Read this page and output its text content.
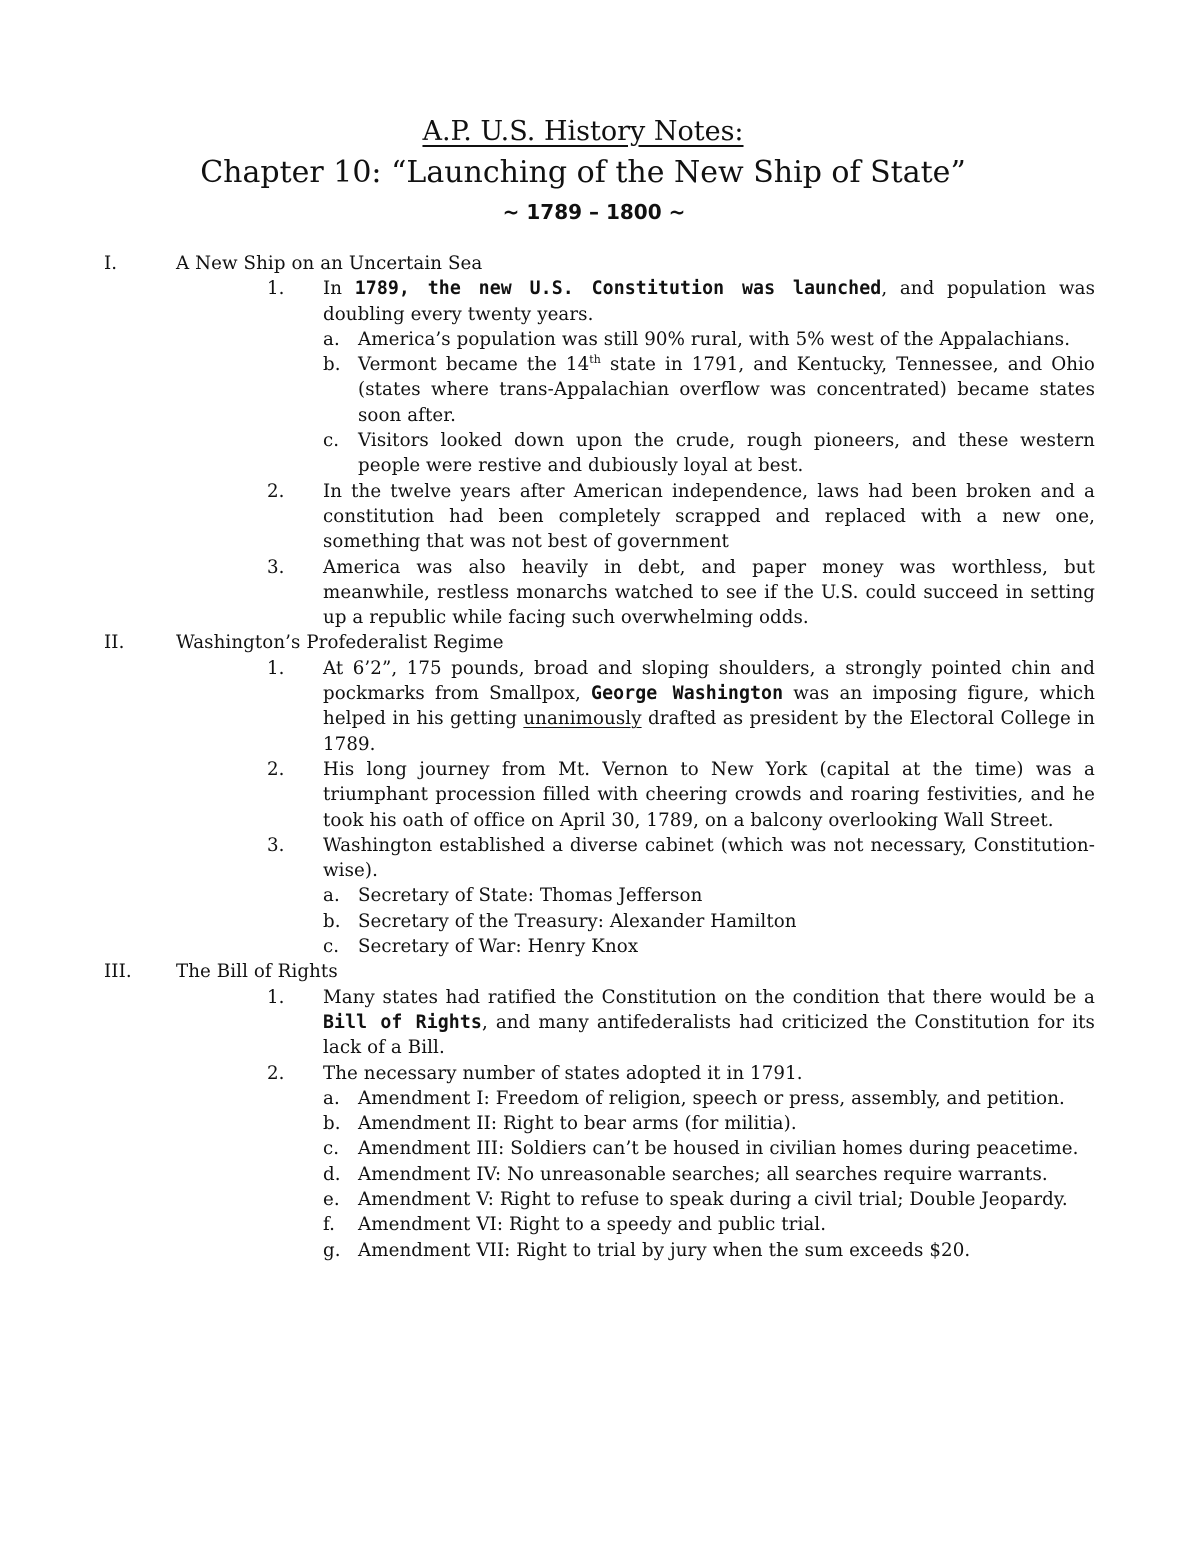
A.P. U.S. History Notes:
Chapter 10: “Launching of the New Ship of State”
~ 1789 – 1800 ~
I.	A New Ship on an Uncertain Sea
1. In 1789, the new U.S. Constitution was launched, and population was doubling every twenty years.
a. America’s population was still 90% rural, with 5% west of the Appalachians.
b. Vermont became the 14th state in 1791, and Kentucky, Tennessee, and Ohio (states where trans-Appalachian overflow was concentrated) became states soon after.
c. Visitors looked down upon the crude, rough pioneers, and these western people were restive and dubiously loyal at best.
2. In the twelve years after American independence, laws had been broken and a constitution had been completely scrapped and replaced with a new one, something that was not best of government
3. America was also heavily in debt, and paper money was worthless, but meanwhile, restless monarchs watched to see if the U.S. could succeed in setting up a republic while facing such overwhelming odds.
II.	Washington’s Profederalist Regime
1. At 6’2”, 175 pounds, broad and sloping shoulders, a strongly pointed chin and pockmarks from Smallpox, George Washington was an imposing figure, which helped in his getting unanimously drafted as president by the Electoral College in 1789.
2. His long journey from Mt. Vernon to New York (capital at the time) was a triumphant procession filled with cheering crowds and roaring festivities, and he took his oath of office on April 30, 1789, on a balcony overlooking Wall Street.
3. Washington established a diverse cabinet (which was not necessary, Constitution-wise).
a. Secretary of State: Thomas Jefferson
b. Secretary of the Treasury: Alexander Hamilton
c. Secretary of War: Henry Knox
III. The Bill of Rights
1. Many states had ratified the Constitution on the condition that there would be a Bill of Rights, and many antifederalists had criticized the Constitution for its lack of a Bill.
2. The necessary number of states adopted it in 1791.
a. Amendment I: Freedom of religion, speech or press, assembly, and petition.
b. Amendment II: Right to bear arms (for militia).
c. Amendment III: Soldiers can’t be housed in civilian homes during peacetime.
d. Amendment IV: No unreasonable searches; all searches require warrants.
e. Amendment V: Right to refuse to speak during a civil trial; Double Jeopardy.
f. Amendment VI: Right to a speedy and public trial.
g. Amendment VII: Right to trial by jury when the sum exceeds $20.
